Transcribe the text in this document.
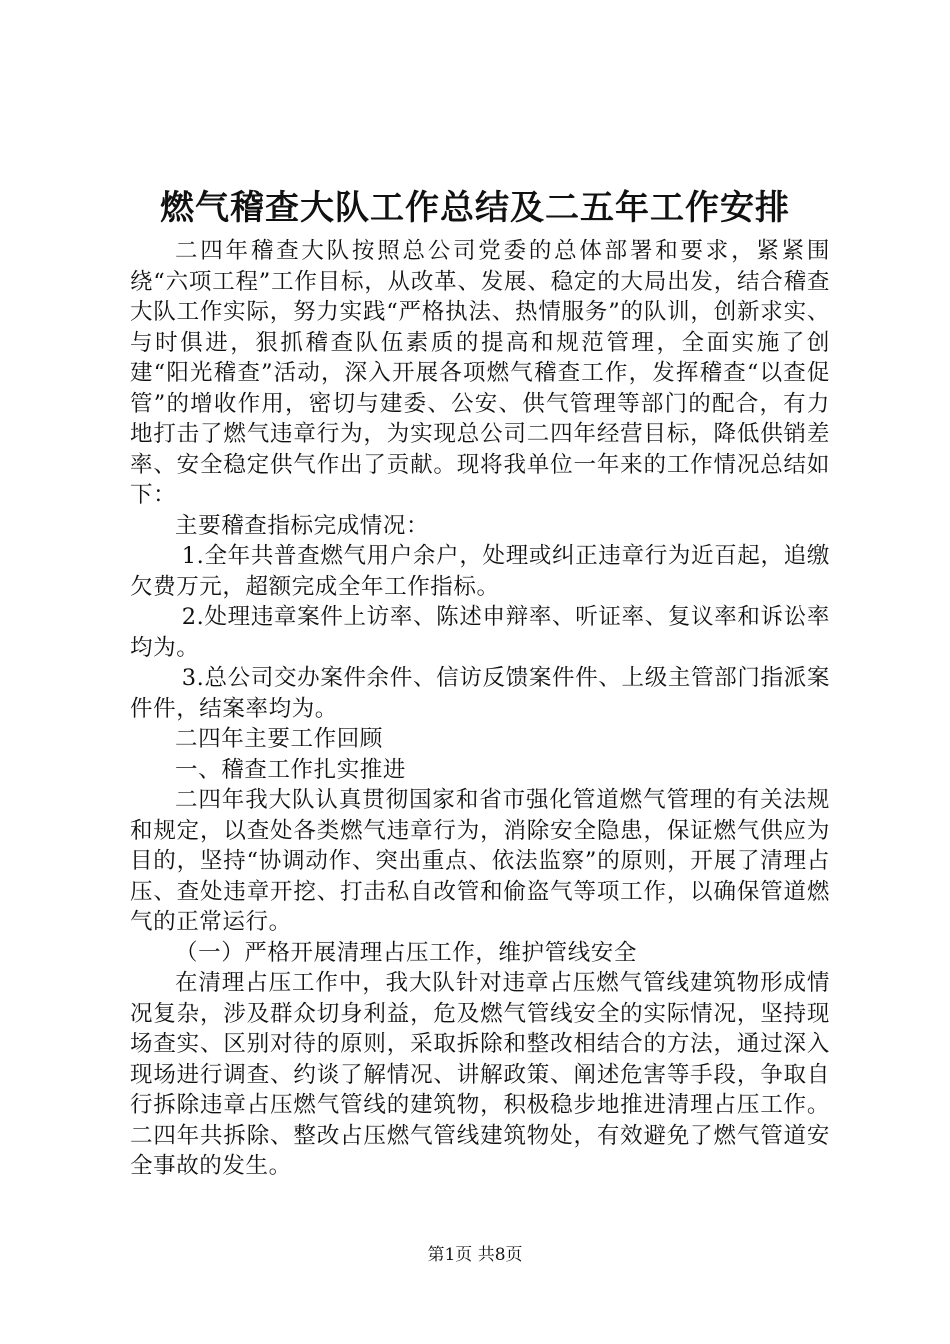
燃气稽查大队工作总结及二五年工作安排

二四年稽查大队按照总公司党委的总体部署和要求，紧紧围绕“六项工程”工作目标，从改革、发展、稳定的大局出发，结合稽查大队工作实际，努力实践“严格执法、热情服务”的队训，创新求实、与时俱进，狠抓稽查队伍素质的提高和规范管理，全面实施了创建“阳光稽查”活动，深入开展各项燃气稽查工作，发挥稽查“以查促管”的增收作用，密切与建委、公安、供气管理等部门的配合，有力地打击了燃气违章行为，为实现总公司二四年经营目标，降低供销差率、安全稳定供气作出了贡献。现将我单位一年来的工作情况总结如下：

主要稽查指标完成情况：

1.全年共普查燃气用户余户，处理或纠正违章行为近百起，追缴欠费万元，超额完成全年工作指标。

2.处理违章案件上访率、陈述申辩率、听证率、复议率和诉讼率均为。

3.总公司交办案件余件、信访反馈案件件、上级主管部门指派案件件，结案率均为。

二四年主要工作回顾

一、稽查工作扎实推进

二四年我大队认真贯彻国家和省市强化管道燃气管理的有关法规和规定，以查处各类燃气违章行为，消除安全隐患，保证燃气供应为目的，坚持“协调动作、突出重点、依法监察”的原则，开展了清理占压、查处违章开挖、打击私自改管和偷盗气等项工作，以确保管道燃气的正常运行。

（一）严格开展清理占压工作，维护管线安全

在清理占压工作中，我大队针对违章占压燃气管线建筑物形成情况复杂，涉及群众切身利益，危及燃气管线安全的实际情况，坚持现场查实、区别对待的原则，采取拆除和整改相结合的方法，通过深入现场进行调查、约谈了解情况、讲解政策、阐述危害等手段，争取自行拆除违章占压燃气管线的建筑物，积极稳步地推进清理占压工作。二四年共拆除、整改占压燃气管线建筑物处，有效避免了燃气管道安全事故的发生。

第1页 共8页
